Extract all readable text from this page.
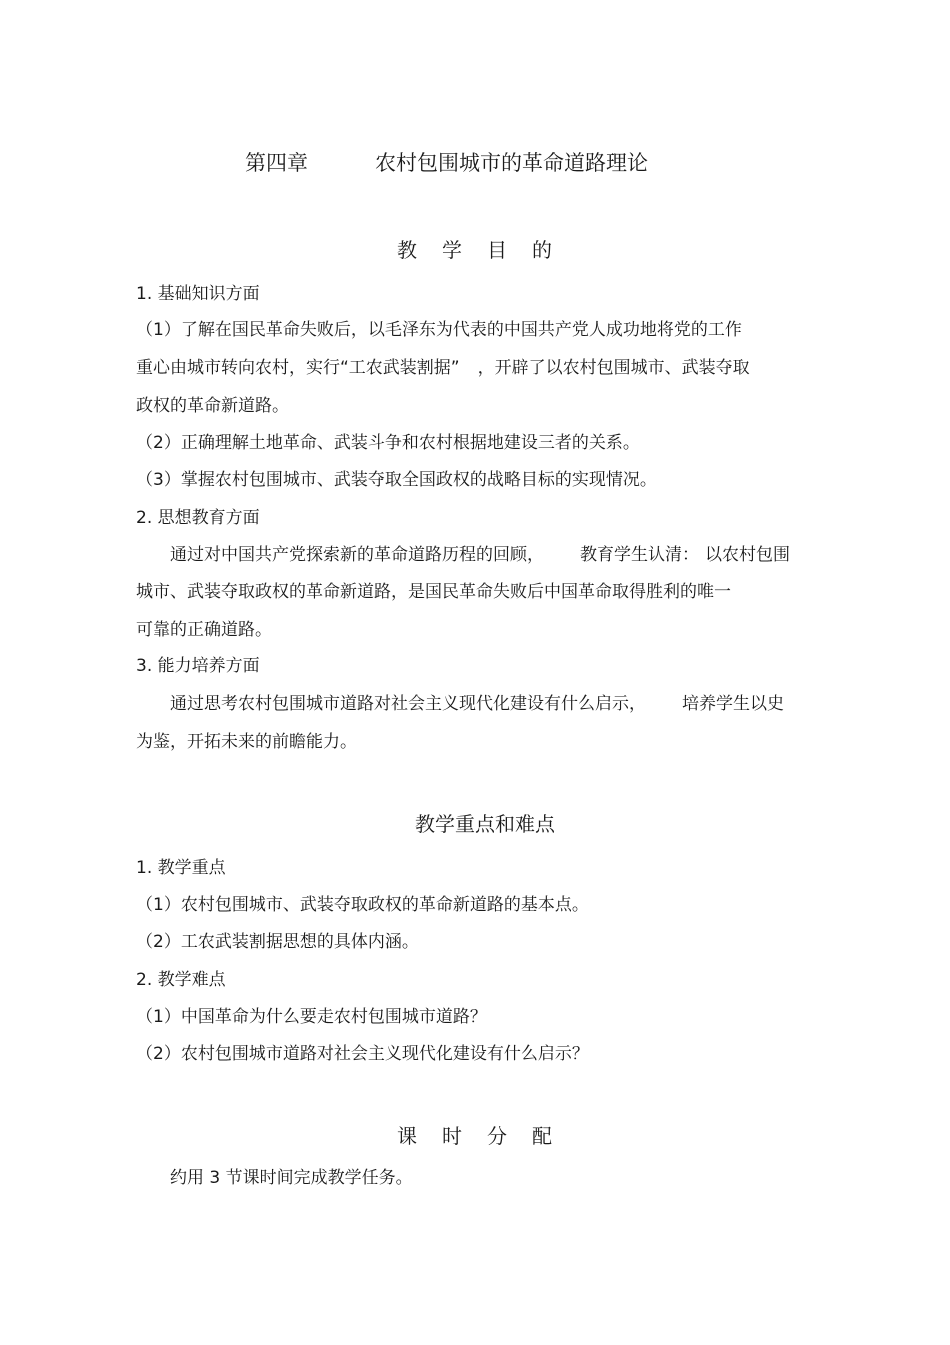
第四章	农村包围城市的革命道路理论
教学目的
1. 基础知识方面
（1）了解在国民革命失败后，以毛泽东为代表的中国共产党人成功地将党的工作
重心由城市转向农村，实行“工农武装割据” ，开辟了以农村包围城市、武装夺取
政权的革命新道路。
（2）正确理解土地革命、武装斗争和农村根据地建设三者的关系。
（3）掌握农村包围城市、武装夺取全国政权的战略目标的实现情况。
2. 思想教育方面
通过对中国共产党探索新的革命道路历程的回顾， 教育学生认清： 以农村包围
城市、武装夺取政权的革命新道路，是国民革命失败后中国革命取得胜利的唯一
可靠的正确道路。
3. 能力培养方面
通过思考农村包围城市道路对社会主义现代化建设有什么启示， 培养学生以史
为鉴，开拓未来的前瞻能力。
教学重点和难点
1. 教学重点
（1）农村包围城市、武装夺取政权的革命新道路的基本点。
（2）工农武装割据思想的具体内涵。
2. 教学难点
（1）中国革命为什么要走农村包围城市道路？
（2）农村包围城市道路对社会主义现代化建设有什么启示？
课时分配
约用 3 节课时间完成教学任务。
